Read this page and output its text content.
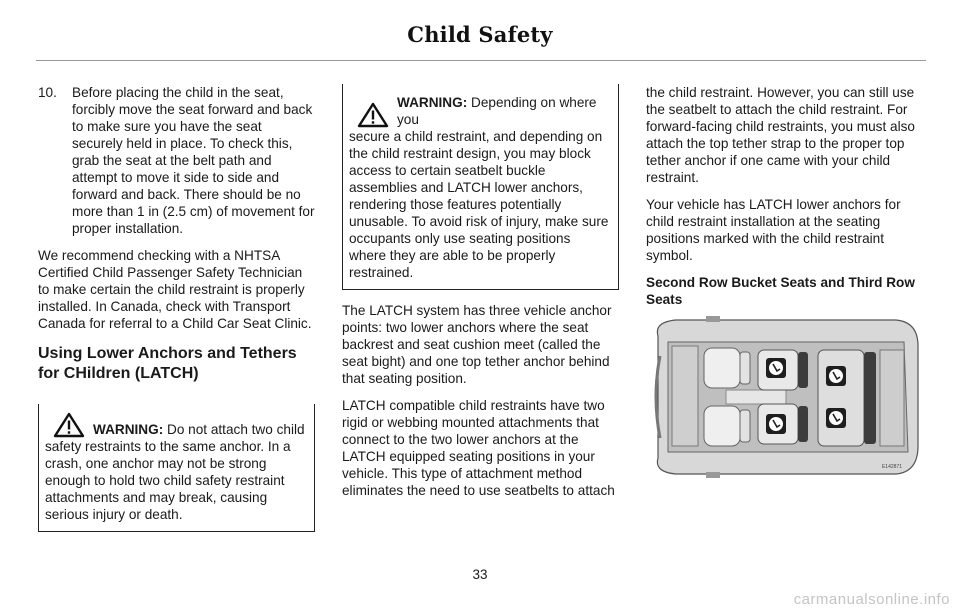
Child Safety
10.	Before placing the child in the seat, forcibly move the seat forward and back to make sure you have the seat securely held in place. To check this, grab the seat at the belt path and attempt to move it side to side and forward and back. There should be no more than 1 in (2.5 cm) of movement for proper installation.

We recommend checking with a NHTSA Certified Child Passenger Safety Technician to make certain the child restraint is properly installed. In Canada, check with Transport Canada for referral to a Child Car Seat Clinic.

Using Lower Anchors and Tethers for CHildren (LATCH)
WARNING: Do not attach two child
safety restraints to the same anchor. In a crash, one anchor may not be strong enough to hold two child safety restraint attachments and may break, causing serious injury or death.
WARNING: Depending on where you
secure a child restraint, and depending on the child restraint design, you may block access to certain seatbelt buckle assemblies and LATCH lower anchors, rendering those features potentially unusable. To avoid risk of injury, make sure occupants only use seating positions where they are able to be properly restrained.

The LATCH system has three vehicle anchor points: two lower anchors where the seat backrest and seat cushion meet (called the seat bight) and one top tether anchor behind that seating position.

LATCH compatible child restraints have two rigid or webbing mounted attachments that connect to the two lower anchors at the LATCH equipped seating positions in your vehicle. This type of attachment method eliminates the need to use seatbelts to attach

the child restraint. However, you can still use the seatbelt to attach the child restraint. For forward-facing child restraints, you must also attach the top tether strap to the proper top tether anchor if one came with your child restraint.

Your vehicle has LATCH lower anchors for child restraint installation at the seating positions marked with the child restraint symbol.

Second Row Bucket Seats and Third Row Seats
E142871
33
carmanualsonline.info
